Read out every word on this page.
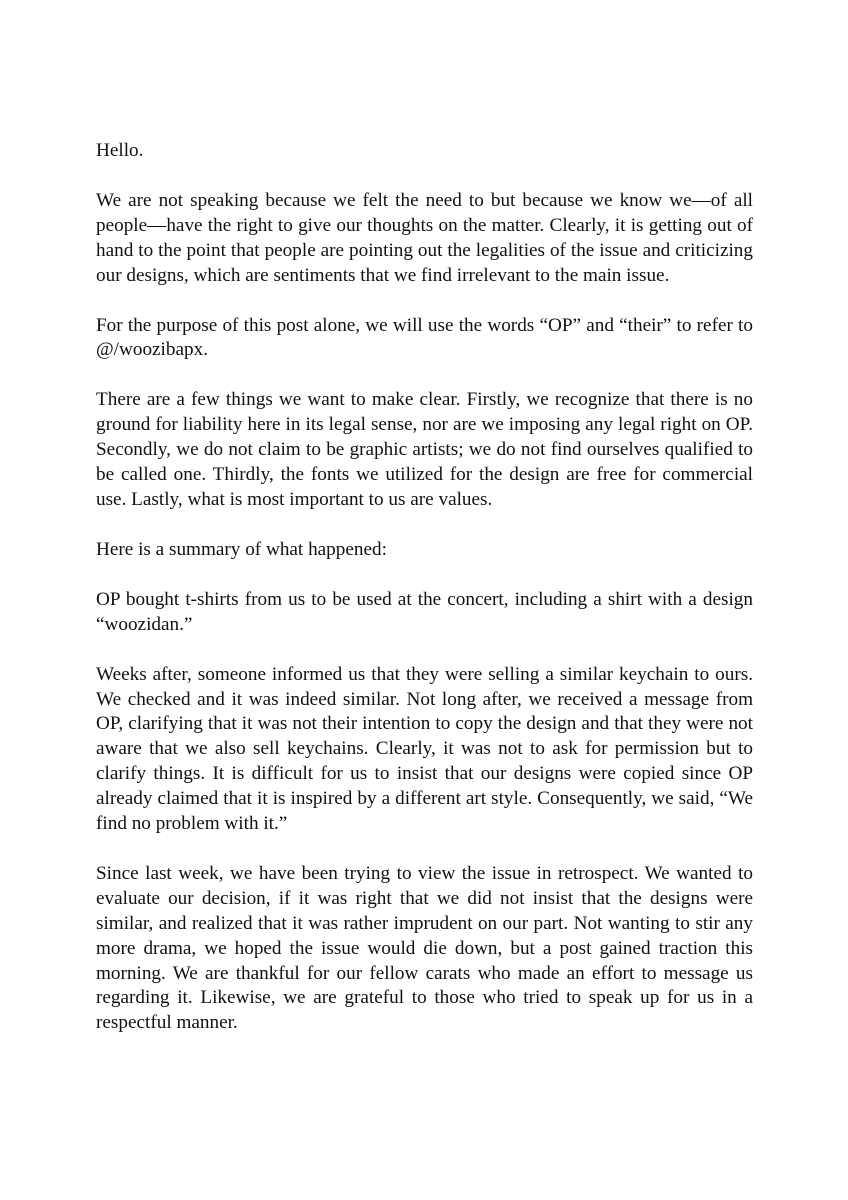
Hello.

We are not speaking because we felt the need to but because we know we—of all people—have the right to give our thoughts on the matter. Clearly, it is getting out of hand to the point that people are pointing out the legalities of the issue and criticizing our designs, which are sentiments that we find irrelevant to the main issue.

For the purpose of this post alone, we will use the words “OP” and “their” to refer to @/woozibapx.

There are a few things we want to make clear. Firstly, we recognize that there is no ground for liability here in its legal sense, nor are we imposing any legal right on OP. Secondly, we do not claim to be graphic artists; we do not find ourselves qualified to be called one. Thirdly, the fonts we utilized for the design are free for commercial use. Lastly, what is most important to us are values.

Here is a summary of what happened:

OP bought t-shirts from us to be used at the concert, including a shirt with a design “woozidan.”

Weeks after, someone informed us that they were selling a similar keychain to ours. We checked and it was indeed similar. Not long after, we received a message from OP, clarifying that it was not their intention to copy the design and that they were not aware that we also sell keychains. Clearly, it was not to ask for permission but to clarify things. It is difficult for us to insist that our designs were copied since OP already claimed that it is inspired by a different art style. Consequently, we said, “We find no problem with it.”

Since last week, we have been trying to view the issue in retrospect. We wanted to evaluate our decision, if it was right that we did not insist that the designs were similar, and realized that it was rather imprudent on our part. Not wanting to stir any more drama, we hoped the issue would die down, but a post gained traction this morning. We are thankful for our fellow carats who made an effort to message us regarding it. Likewise, we are grateful to those who tried to speak up for us in a respectful manner.
